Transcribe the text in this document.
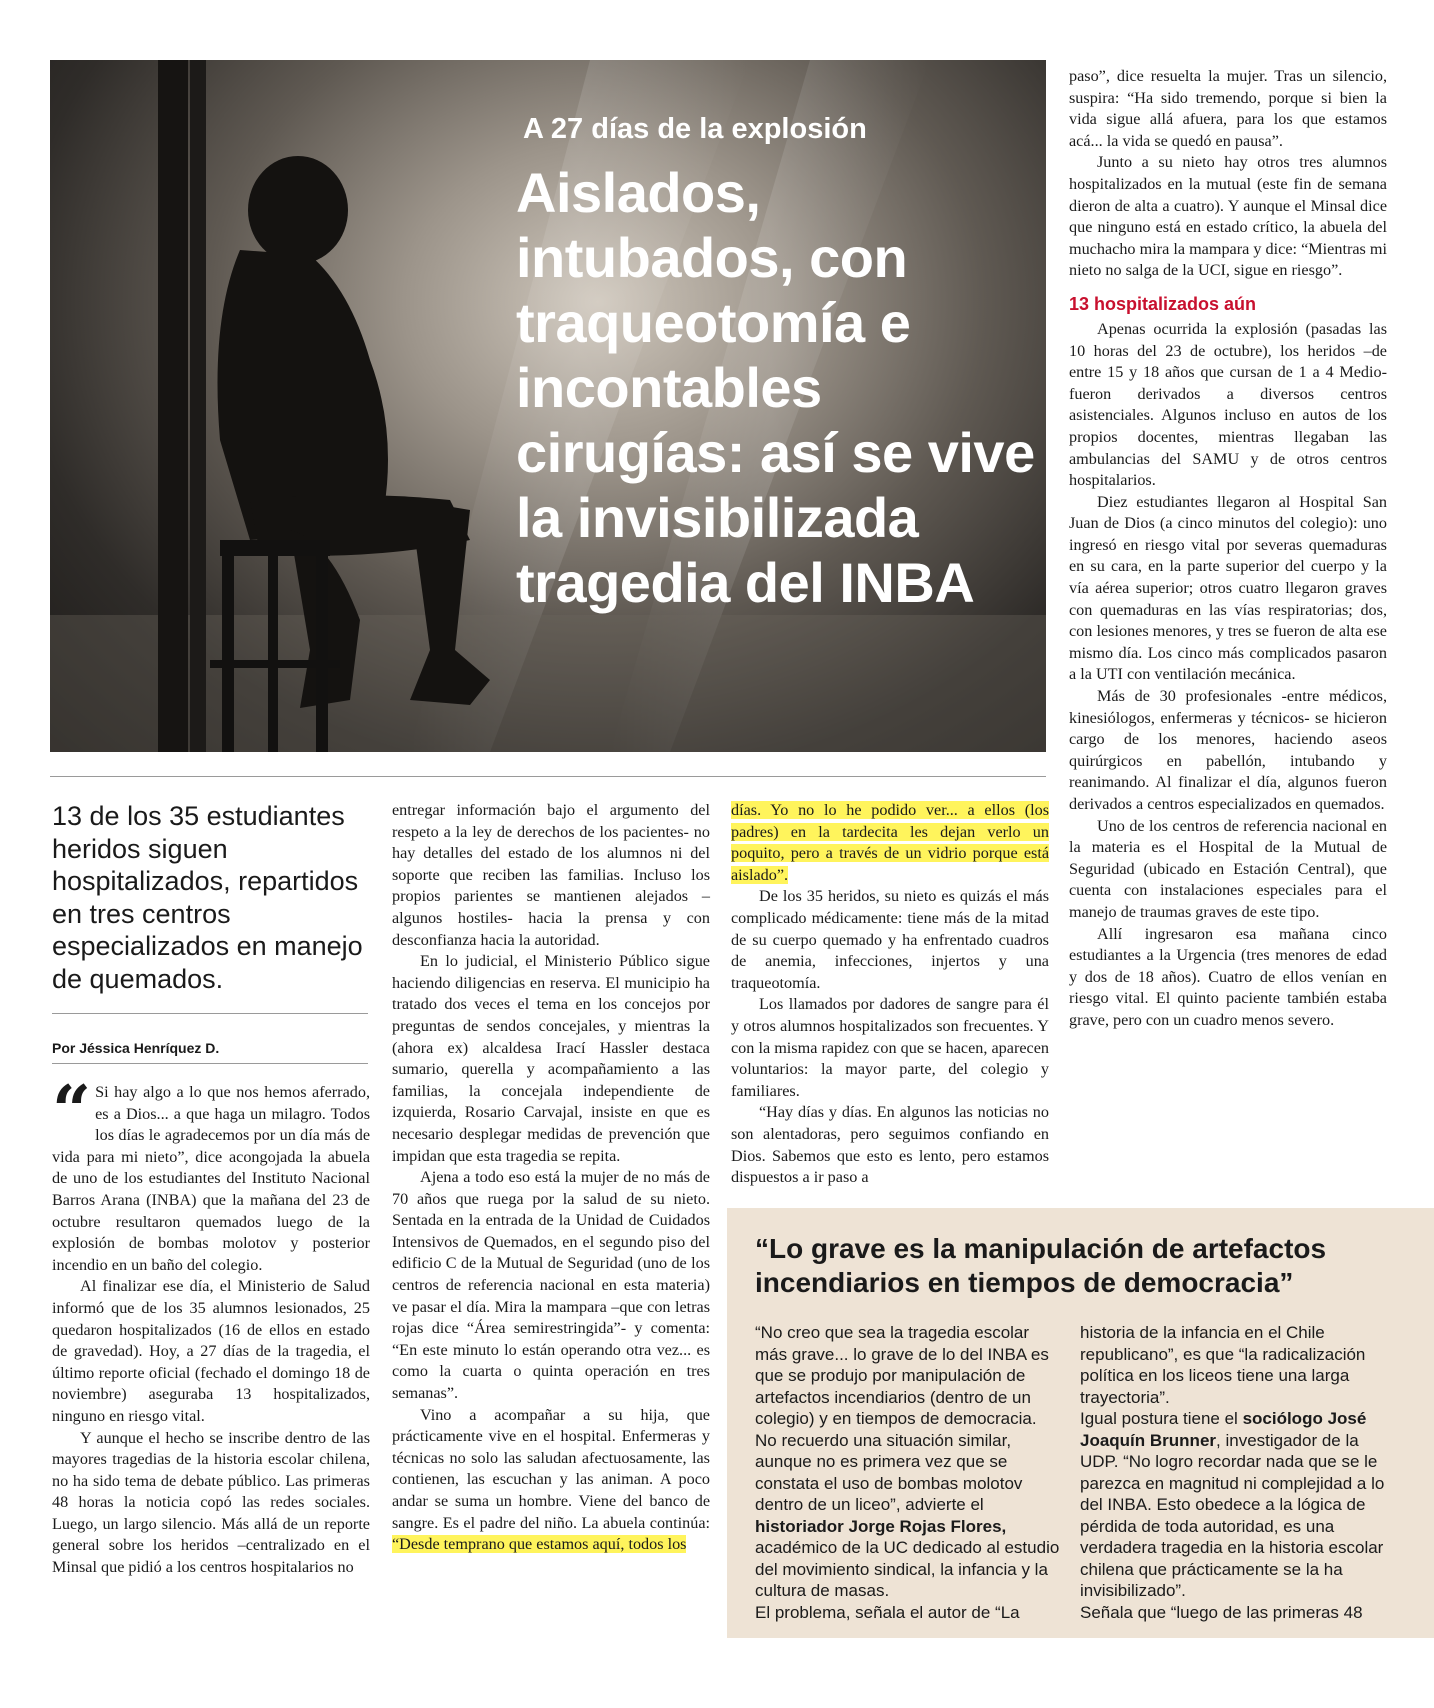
A 27 días de la explosión
Aislados, intubados, con traqueotomía e incontables cirugías: así se vive la invisibilizada tragedia del INBA

13 de los 35 estudiantes heridos siguen hospitalizados, repartidos en tres centros especializados en manejo de quemados.

Por Jéssica Henríquez D.

“ Si hay algo a lo que nos hemos aferrado, es a Dios... a que haga un milagro. Todos los días le agradecemos por un día más de vida para mi nieto”, dice acongojada la abuela de uno de los estudiantes del Instituto Nacional Barros Arana (INBA) que la mañana del 23 de octubre resultaron quemados luego de la explosión de bombas molotov y posterior incendio en un baño del colegio.

Al finalizar ese día, el Ministerio de Salud informó que de los 35 alumnos lesionados, 25 quedaron hospitalizados (16 de ellos en estado de gravedad). Hoy, a 27 días de la tragedia, el último reporte oficial (fechado el domingo 18 de noviembre) aseguraba 13 hospitalizados, ninguno en riesgo vital.

Y aunque el hecho se inscribe dentro de las mayores tragedias de la historia escolar chilena, no ha sido tema de debate público. Las primeras 48 horas la noticia copó las redes sociales. Luego, un largo silencio. Más allá de un reporte general sobre los heridos –centralizado en el Minsal que pidió a los centros hospitalarios no

entregar información bajo el argumento del respeto a la ley de derechos de los pacientes- no hay detalles del estado de los alumnos ni del soporte que reciben las familias. Incluso los propios parientes se mantienen alejados –algunos hostiles- hacia la prensa y con desconfianza hacia la autoridad.

En lo judicial, el Ministerio Público sigue haciendo diligencias en reserva. El municipio ha tratado dos veces el tema en los concejos por preguntas de sendos concejales, y mientras la (ahora ex) alcaldesa Irací Hassler destaca sumario, querella y acompañamiento a las familias, la concejala independiente de izquierda, Rosario Carvajal, insiste en que es necesario desplegar medidas de prevención que impidan que esta tragedia se repita.

Ajena a todo eso está la mujer de no más de 70 años que ruega por la salud de su nieto. Sentada en la entrada de la Unidad de Cuidados Intensivos de Quemados, en el segundo piso del edificio C de la Mutual de Seguridad (uno de los centros de referencia nacional en esta materia) ve pasar el día. Mira la mampara –que con letras rojas dice “Área semirestringida”- y comenta: “En este minuto lo están operando otra vez... es como la cuarta o quinta operación en tres semanas”.

Vino a acompañar a su hija, que prácticamente vive en el hospital. Enfermeras y técnicas no solo las saludan afectuosamente, las contienen, las escuchan y las animan. A poco andar se suma un hombre. Viene del banco de sangre. Es el padre del niño. La abuela continúa: “Desde temprano que estamos aquí, todos los

días. Yo no lo he podido ver... a ellos (los padres) en la tardecita les dejan verlo un poquito, pero a través de un vidrio porque está aislado”.

De los 35 heridos, su nieto es quizás el más complicado médicamente: tiene más de la mitad de su cuerpo quemado y ha enfrentado cuadros de anemia, infecciones, injertos y una traqueotomía.

Los llamados por dadores de sangre para él y otros alumnos hospitalizados son frecuentes. Y con la misma rapidez con que se hacen, aparecen voluntarios: la mayor parte, del colegio y familiares.

“Hay días y días. En algunos las noticias no son alentadoras, pero seguimos confiando en Dios. Sabemos que esto es lento, pero estamos dispuestos a ir paso a

paso”, dice resuelta la mujer. Tras un silencio, suspira: “Ha sido tremendo, porque si bien la vida sigue allá afuera, para los que estamos acá... la vida se quedó en pausa”.

Junto a su nieto hay otros tres alumnos hospitalizados en la mutual (este fin de semana dieron de alta a cuatro). Y aunque el Minsal dice que ninguno está en estado crítico, la abuela del muchacho mira la mampara y dice: “Mientras mi nieto no salga de la UCI, sigue en riesgo”.

13 hospitalizados aún

Apenas ocurrida la explosión (pasadas las 10 horas del 23 de octubre), los heridos –de entre 15 y 18 años que cursan de 1 a 4 Medio- fueron derivados a diversos centros asistenciales. Algunos incluso en autos de los propios docentes, mientras llegaban las ambulancias del SAMU y de otros centros hospitalarios.

Diez estudiantes llegaron al Hospital San Juan de Dios (a cinco minutos del colegio): uno ingresó en riesgo vital por severas quemaduras en su cara, en la parte superior del cuerpo y la vía aérea superior; otros cuatro llegaron graves con quemaduras en las vías respiratorias; dos, con lesiones menores, y tres se fueron de alta ese mismo día. Los cinco más complicados pasaron a la UTI con ventilación mecánica.

Más de 30 profesionales -entre médicos, kinesiólogos, enfermeras y técnicos- se hicieron cargo de los menores, haciendo aseos quirúrgicos en pabellón, intubando y reanimando. Al finalizar el día, algunos fueron derivados a centros especializados en quemados.

Uno de los centros de referencia nacional en la materia es el Hospital de la Mutual de Seguridad (ubicado en Estación Central), que cuenta con instalaciones especiales para el manejo de traumas graves de este tipo.

Allí ingresaron esa mañana cinco estudiantes a la Urgencia (tres menores de edad y dos de 18 años). Cuatro de ellos venían en riesgo vital. El quinto paciente también estaba grave, pero con un cuadro menos severo.

“Lo grave es la manipulación de artefactos incendiarios en tiempos de democracia”

“No creo que sea la tragedia escolar más grave... lo grave de lo del INBA es que se produjo por manipulación de artefactos incendiarios (dentro de un colegio) y en tiempos de democracia. No recuerdo una situación similar, aunque no es primera vez que se constata el uso de bombas molotov dentro de un liceo”, advierte el historiador Jorge Rojas Flores, académico de la UC dedicado al estudio del movimiento sindical, la infancia y la cultura de masas.

El problema, señala el autor de “La

historia de la infancia en el Chile republicano”, es que “la radicalización política en los liceos tiene una larga trayectoria”.

Igual postura tiene el sociólogo José Joaquín Brunner, investigador de la UDP. “No logro recordar nada que se le parezca en magnitud ni complejidad a lo del INBA. Esto obedece a la lógica de pérdida de toda autoridad, es una verdadera tragedia en la historia escolar chilena que prácticamente se la ha invisibilizado”.

Señala que “luego de las primeras 48
